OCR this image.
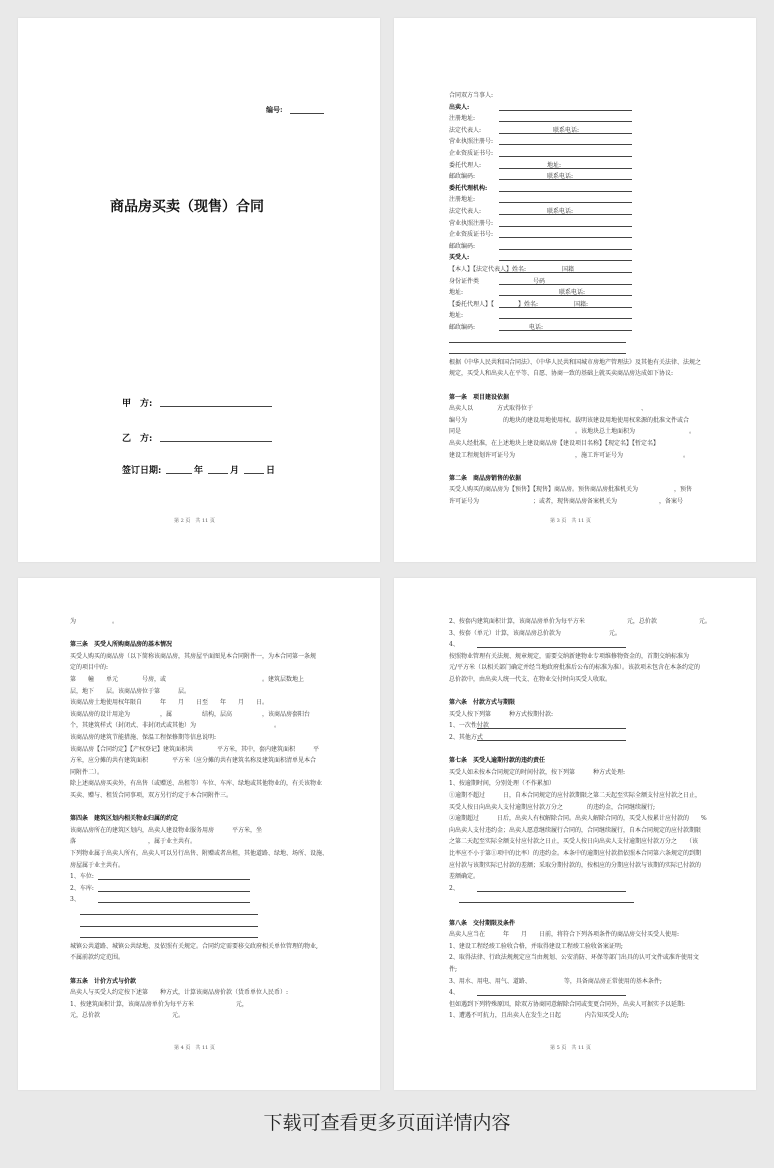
编号:
商品房买卖（现售）合同
甲　方:
乙　方:
签订日期:	年	月	日
第 2 页　共 11 页
合同双方当事人:
出卖人:
注册地址:
法定代表人:　　　　　　　　　　　　联系电话:
营业执照注册号:
企业资质证书号:
委托代理人:　　　　　　　　　　　地址:
邮政编码:　　　　　　　　　　　　联系电话:
委托代理机构:
注册地址:
法定代表人:　　　　　　　　　　　联系电话:
营业执照注册号:
企业资质证书号:
邮政编码:
买受人:
【本人】【法定代表人】姓名:　　　　　　国籍
身份证件类　　　　　　　　　号码
地址:　　　　　　　　　　　　　　　　联系电话:
【委托代理人】【　　　　】姓名:　　　　　　国籍:
地址:
邮政编码:　　　　　　　　　电话:
根据《中华人民共和国合同法》、《中华人民共和国城市房地产管理法》及其他有关法律、法规之
规定，买受人和出卖人在平等、自愿、协商一致的基础上就买卖商品房达成如下协议:
第一条　项目建设依据
出卖人以　　　　方式取得位于　　　　　　　　　　　　　　　　　　、
编号为　　　　　　的地块的建设用地使用权。载明该建设用地使用权来源的批准文件或合
同是　　　　　　　　　　　　　　　　　　　。该地块总土地面积为　　　　　　　　　。
出卖人经批准，在上述地块上建设商品房【建设项目名称】【现定名】【暂定名】
建设工程规划许可证号为　　　　　　　　　　，施工许可证号为　　　　　　　　　　。
第二条　商品房销售的依据
买受人购买的商品房为【预售】【现售】商品房。预售商品房批准机关为　　　　　　，预售
许可证号为　　　　　　　　　；或者，现售商品房备案机关为　　　　　　　，备案号
第 3 页　共 11 页
为　　　　　　。
第三条　买受人所购商品房的基本情况
买受人购买的商品房（以下简称该商品房，其房屋平面图见本合同附件一，为本合同第一条规
定的项目中的:
第　　幢　　单元　　　　号房，或　　　　　　　　　　　　　　　　。建筑层数地上
层，地下　　层。该商品房位于第　　　层。
该商品房土地使用权年限自　　　年　　月　　日至　　年　　月　　日。
该商品房的设计用途为　　　　　，属　　　　　结构，层高　　　　　，该商品房套阳台
个，其建筑样式（封闭式、非封闭式或其他）为　　　　　　　　　　　　　。
该商品房的建筑节能措施、保温工程保修期等信息说明:
该商品房【合同约定】【产权登记】建筑面积共　　　　平方米，其中，套内建筑面积　　　平
方米，应分摊的共有建筑面积　　　　平方米（应分摊的共有建筑名称及建筑面积清单见本合
同附件二）。
除上述商品房买卖外，有出售（或赠送、出租等）车位、车库、绿地或其他物业的，有关该物业
买卖、赠与、租赁合同事项，双方另行约定于本合同附件三。
第四条　建筑区划内相关物业归属的约定
该商品房所在的建筑区划内，出卖人建设物业服务用房　　　平方米，坐
落　　　　　　　　　　　　，属于业主共有。
下列物业属于出卖人所有，出卖人可以另行出售、附赠或者出租，其他道路、绿地、场所、设施、
房屋属于业主共有。
1、车位:
2、车库:
3、
城镇公共道路、城镇公共绿地、及依照有关规定。合同约定需要移交政府相关单位管理的物业,
不属前款约定范围。
第五条　计价方式与价款
出卖人与买受人约定按下述第　　种方式，计算该商品房价款（货币单位人民币）:
1、按建筑面积计算，该商品房单价为每平方米　　　　　　　元，
元，总价款　　　　　　　　　　　　元。
第 4 页　共 11 页
2、按套内建筑面积计算，该商品房单价为每平方米　　　　　　　元，总价款　　　　　　　元。
3、按套（单元）计算，该商品房总价款为　　　　　　　　元。
4、
按照物业管理有关法规、规章规定，需要交纳新建物业专项维修物资金的，首期交纳标准为
元/平方米（以相关部门确定并经当地政府批准后公布的标准为准）。该款项未包含在本条约定的
总价款中，由出卖人统一代支、在物业交付时向买受人收取。
第六条　付款方式与期限
买受人按下列第　　　种方式按期付款:
1、一次性付款
2、其他方式
第七条　买受人逾期付款的违约责任
买受人如未按本合同规定的时间付款，按下列第　　　种方式处理:
1、按逾期时间，分别处理（不作累加）
①逾期不超过　　　日，自本合同规定的应付款期限之第二天起至实际全额支付应付款之日止，
买受人按日向出卖人支付逾期应付款万分之　　　　的违约金，合同继续履行;
②逾期超过　　　日后，出卖人有权解除合同。出卖人解除合同的，买受人按累计应付款的　　%
向出卖人支付违约金；出卖人愿意继续履行合同的，合同继续履行，自本合同规定的应付款期限
之第二天起至实际全额支付应付款之日止，买受人按日向出卖人支付逾期应付款万分之　　（该
比率应不小于第①项中的比率）的违约金。本条中的逾期应付款指依照本合同第六条规定的到期
应付款与该期实际已付款的差额；采取分期付款的，按相应的分期应付款与该期的实际已付款的
差额确定。
2、
第八条　交付期限及条件
出卖人应当在　　　年　　月　　日前，将符合下列各项条件的商品房交付买受人使用:
1、建设工程经竣工验收合格，并取得建设工程竣工验收备案证明;
2、取得法律、行政法规规定应当由规划、公安消防、环保等部门出具的认可文件或准许使用文
件;
3、用水、用电、用气、道路、　　　　　　等，具备商品房正常使用的基本条件;
4、
但如遇到下列特殊原因，除双方协商同意解除合同或变更合同外，出卖人可据实予以延期:
1、遭遇不可抗力，且出卖人在发生之日起　　　　内告知买受人的;
第 5 页　共 11 页
下载可查看更多页面详情内容
